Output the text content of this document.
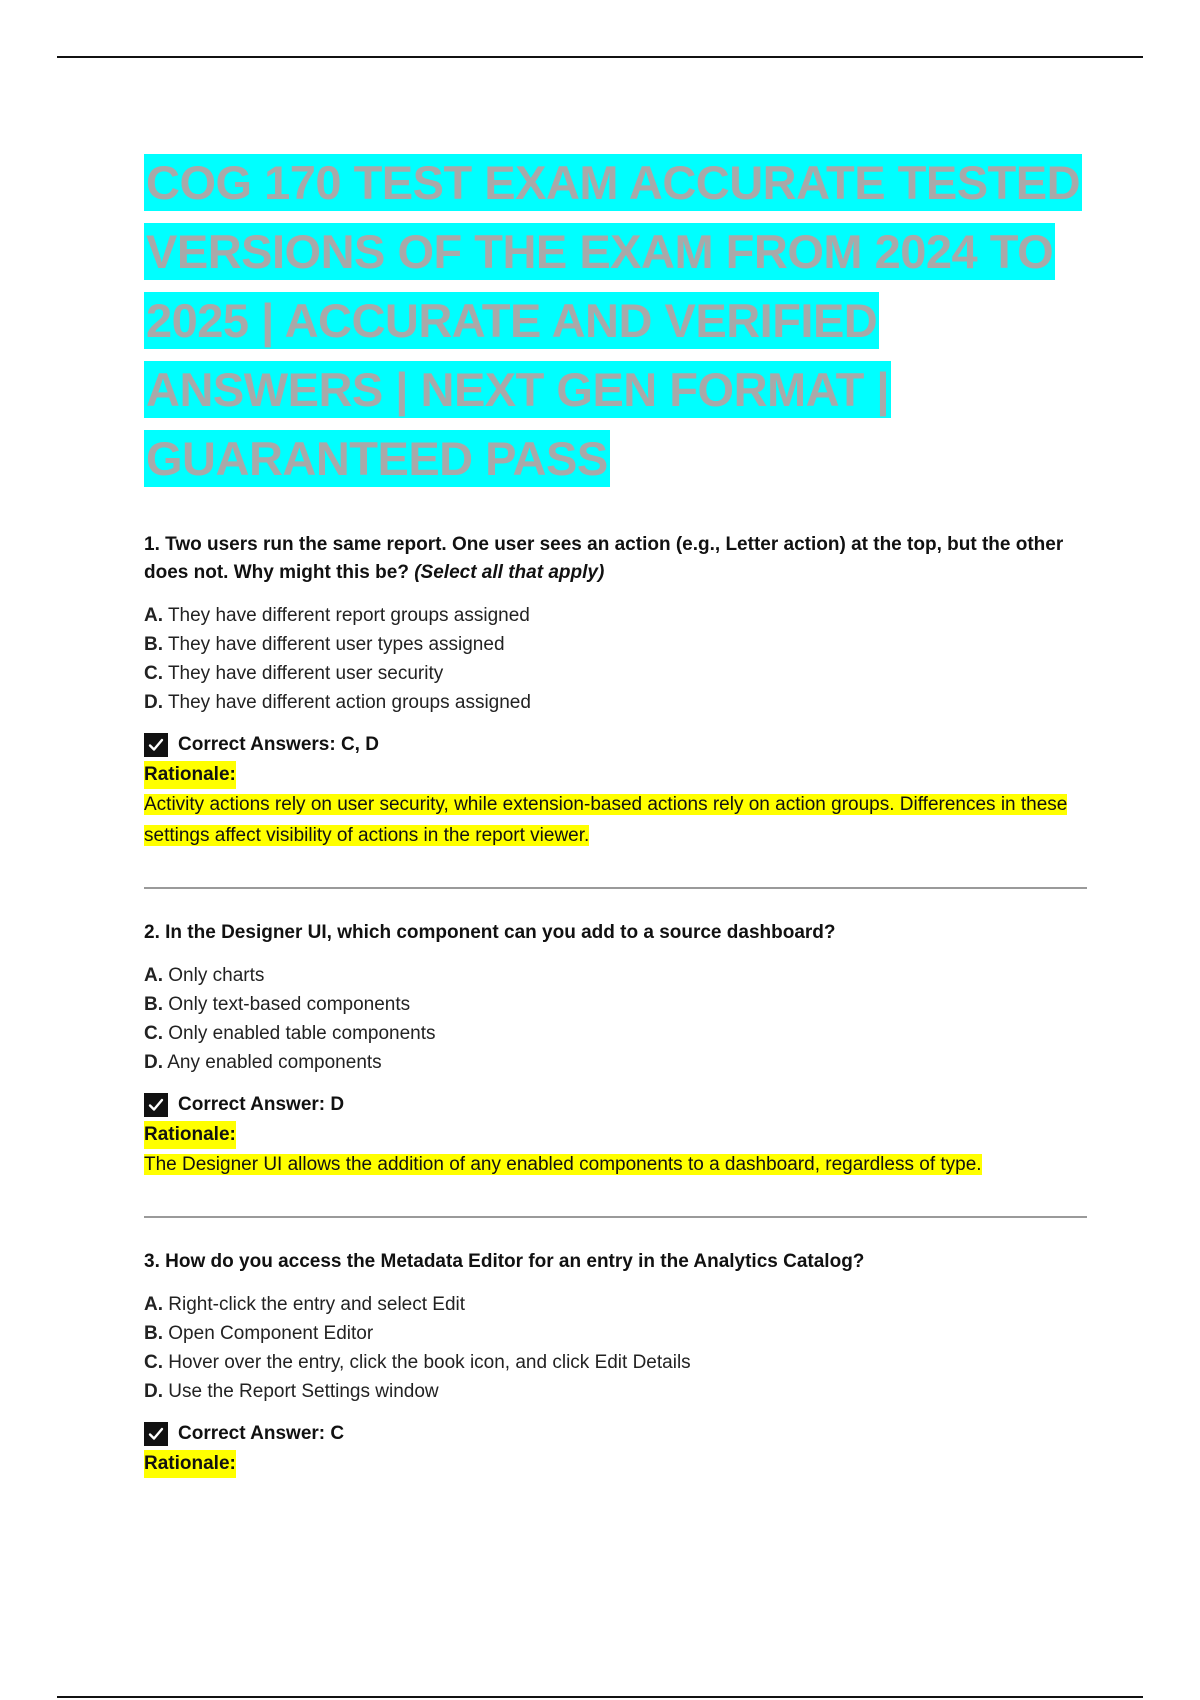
COG 170 TEST EXAM ACCURATE TESTED VERSIONS OF THE EXAM FROM 2024 TO 2025 | ACCURATE AND VERIFIED ANSWERS | NEXT GEN FORMAT | GUARANTEED PASS

1. Two users run the same report. One user sees an action (e.g., Letter action) at the top, but the other does not. Why might this be? (Select all that apply)

A. They have different report groups assigned
B. They have different user types assigned
C. They have different user security
D. They have different action groups assigned
Correct Answers: C, D
Rationale:

Activity actions rely on user security, while extension-based actions rely on action groups. Differences in these settings affect visibility of actions in the report viewer.

2. In the Designer UI, which component can you add to a source dashboard?

A. Only charts
B. Only text-based components
C. Only enabled table components
D. Any enabled components
Correct Answer: D
Rationale:

The Designer UI allows the addition of any enabled components to a dashboard, regardless of type.

3. How do you access the Metadata Editor for an entry in the Analytics Catalog?

A. Right-click the entry and select Edit
B. Open Component Editor
C. Hover over the entry, click the book icon, and click Edit Details
D. Use the Report Settings window
Correct Answer: C
Rationale:
